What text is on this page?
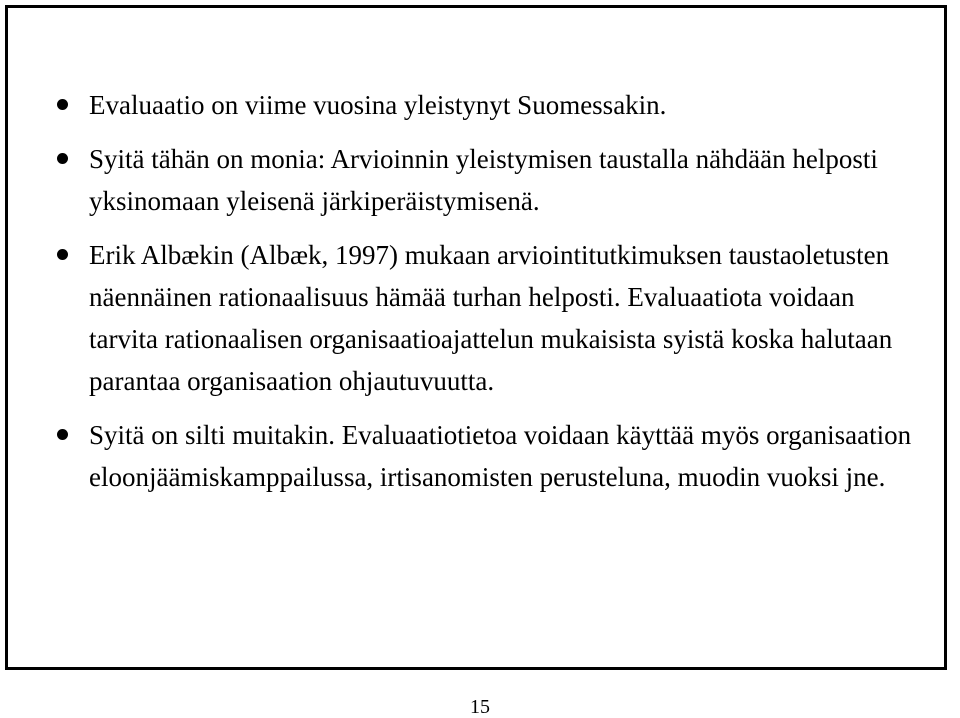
Evaluaatio on viime vuosina yleistynyt Suomessakin.
Syitä tähän on monia: Arvioinnin yleistymisen taustalla nähdään helposti yksinomaan yleisenä järkiperäistymisenä.
Erik Albækin (Albæk, 1997) mukaan arviointitutkimuksen taustaoletusten näennäinen rationaalisuus hämää turhan helposti. Evaluaatiota voidaan tarvita rationaalisen organisaatioajattelun mukaisista syistä koska halutaan parantaa organisaation ohjautuvuutta.
Syitä on silti muitakin. Evaluaatiotietoa voidaan käyttää myös organisaation eloonjäämiskamppailussa, irtisanomisten perusteluna, muodin vuoksi jne.
15
